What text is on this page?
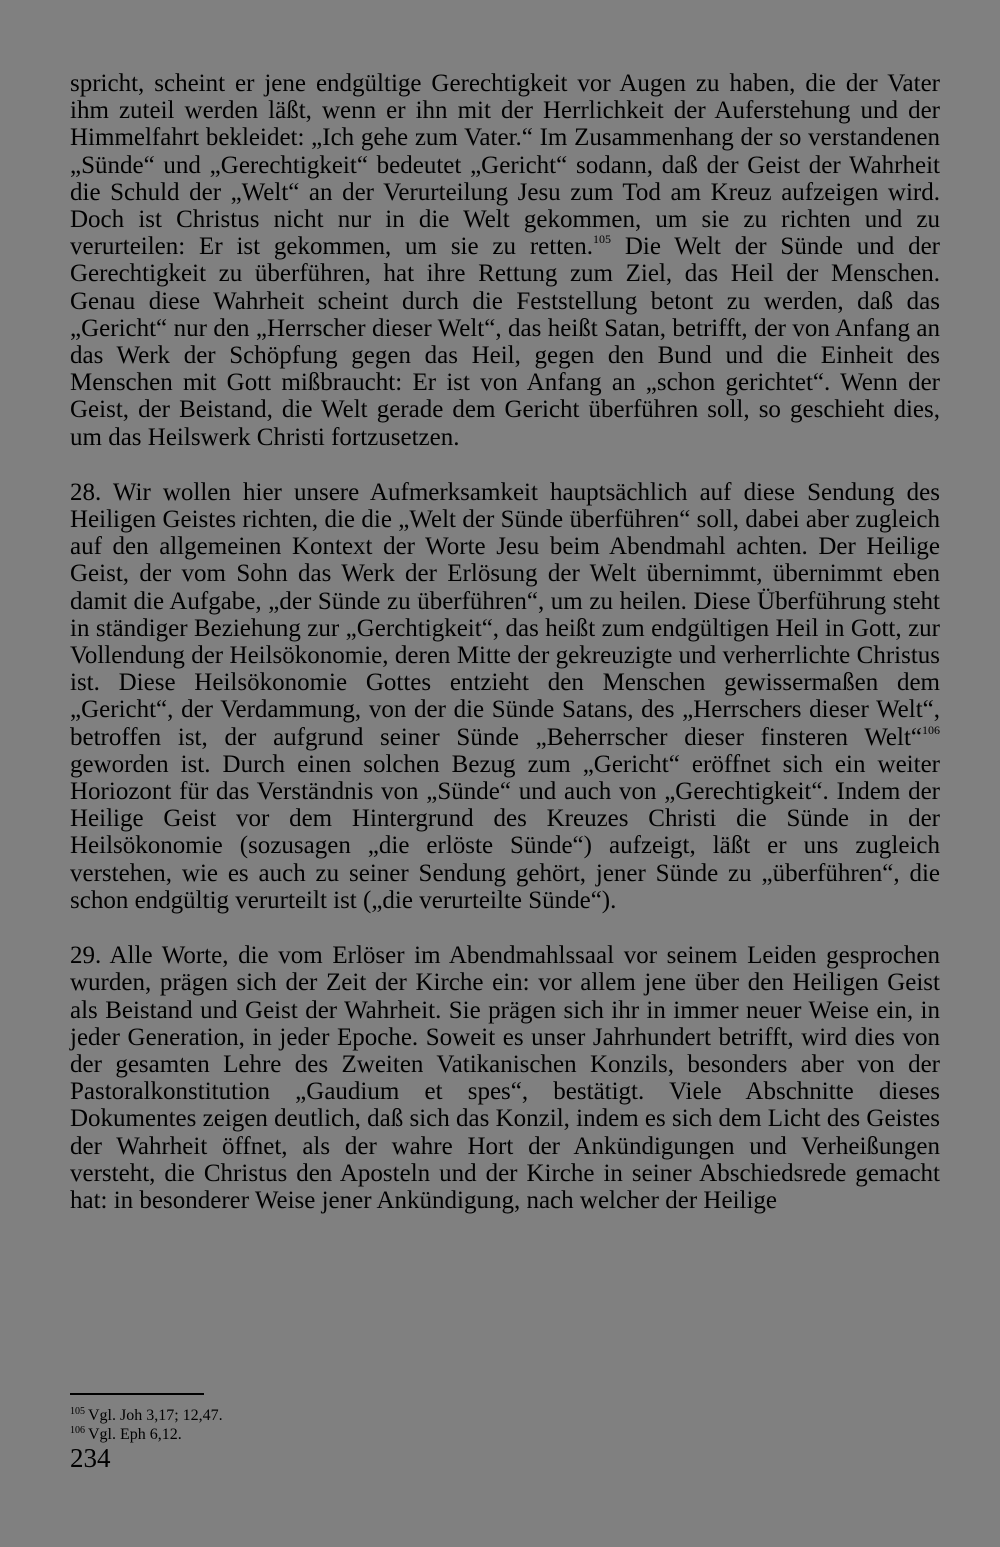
spricht, scheint er jene endgültige Gerechtigkeit vor Augen zu haben, die der Vater ihm zuteil werden läßt, wenn er ihn mit der Herrlichkeit der Auferstehung und der Himmelfahrt bekleidet: „Ich gehe zum Vater.“ Im Zusammenhang der so verstandenen „Sünde“ und „Gerechtigkeit“ bedeutet „Gericht“ sodann, daß der Geist der Wahrheit die Schuld der „Welt“ an der Verurteilung Jesu zum Tod am Kreuz aufzeigen wird. Doch ist Christus nicht nur in die Welt gekommen, um sie zu richten und zu verurteilen: Er ist gekommen, um sie zu retten.$^{105}$ Die Welt der Sünde und der Gerechtigkeit zu überführen, hat ihre Rettung zum Ziel, das Heil der Menschen. Genau diese Wahrheit scheint durch die Feststellung betont zu werden, daß das „Gericht“ nur den „Herrscher dieser Welt“, das heißt Satan, betrifft, der von Anfang an das Werk der Schöpfung gegen das Heil, gegen den Bund und die Einheit des Menschen mit Gott mißbraucht: Er ist von Anfang an „schon gerichtet“. Wenn der Geist, der Beistand, die Welt gerade dem Gericht überführen soll, so geschieht dies, um das Heilswerk Christi fortzusetzen.

28. Wir wollen hier unsere Aufmerksamkeit hauptsächlich auf diese Sendung des Heiligen Geistes richten, die die „Welt der Sünde überführen“ soll, dabei aber zugleich auf den allgemeinen Kontext der Worte Jesu beim Abendmahl achten. Der Heilige Geist, der vom Sohn das Werk der Erlösung der Welt übernimmt, übernimmt eben damit die Aufgabe, „der Sünde zu überführen“, um zu heilen. Diese Überführung steht in ständiger Beziehung zur „Gerchtigkeit“, das heißt zum endgültigen Heil in Gott, zur Vollendung der Heilsökonomie, deren Mitte der gekreuzigte und verherrlichte Christus ist. Diese Heilsökonomie Gottes entzieht den Menschen gewissermaßen dem „Gericht“, der Verdammung, von der die Sünde Satans, des „Herrschers dieser Welt“, betroffen ist, der aufgrund seiner Sünde „Beherrscher dieser finsteren Welt“$^{106}$ geworden ist. Durch einen solchen Bezug zum „Gericht“ eröffnet sich ein weiter Horiozont für das Verständnis von „Sünde“ und auch von „Gerechtigkeit“. Indem der Heilige Geist vor dem Hintergrund des Kreuzes Christi die Sünde in der Heilsökonomie (sozusagen „die erlöste Sünde“) aufzeigt, läßt er uns zugleich verstehen, wie es auch zu seiner Sendung gehört, jener Sünde zu „überführen“, die schon endgültig verurteilt ist („die verurteilte Sünde“).

29. Alle Worte, die vom Erlöser im Abendmahlssaal vor seinem Leiden gesprochen wurden, prägen sich der Zeit der Kirche ein: vor allem jene über den Heiligen Geist als Beistand und Geist der Wahrheit. Sie prägen sich ihr in immer neuer Weise ein, in jeder Generation, in jeder Epoche. Soweit es unser Jahrhundert betrifft, wird dies von der gesamten Lehre des Zweiten Vatikanischen Konzils, besonders aber von der Pastoralkonstitution „Gaudium et spes“, bestätigt. Viele Abschnitte dieses Dokumentes zeigen deutlich, daß sich das Konzil, indem es sich dem Licht des Geistes der Wahrheit öffnet, als der wahre Hort der Ankündigungen und Verheißungen versteht, die Christus den Aposteln und der Kirche in seiner Abschiedsrede gemacht hat: in besonderer Weise jener Ankündigung, nach welcher der Heilige

$^{105}$ Vgl. Joh 3,17; 12,47.
$^{106}$ Vgl. Eph 6,12.
234
